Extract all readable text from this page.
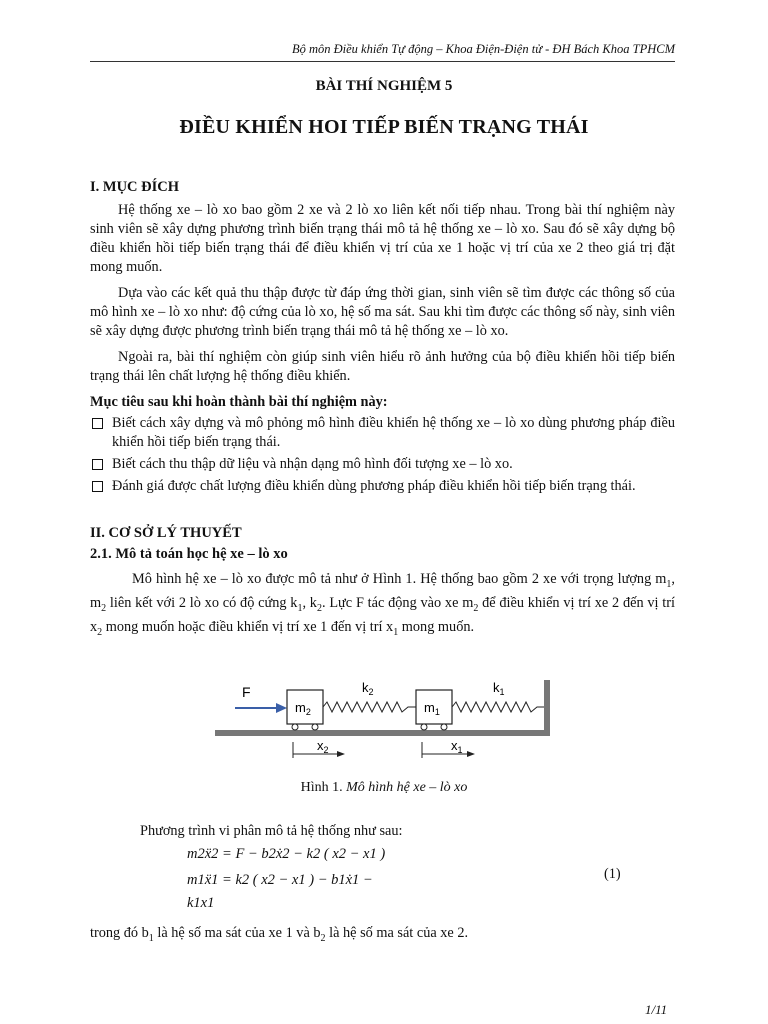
Bộ môn Điều khiển Tự động – Khoa Điện-Điện tử - ĐH Bách Khoa TPHCM
BÀI THÍ NGHIỆM 5
ĐIỀU KHIỂN HOI TIẾP BIẾN TRẠNG THÁI
I. MỤC ĐÍCH

Hệ thống xe – lò xo bao gồm 2 xe và 2 lò xo liên kết nối tiếp nhau. Trong bài thí nghiệm này sinh viên sẽ xây dựng phương trình biến trạng thái mô tả hệ thống xe – lò xo. Sau đó sẽ xây dựng bộ điều khiển hồi tiếp biến trạng thái để điều khiển vị trí của xe 1 hoặc vị trí của xe 2 theo giá trị đặt mong muốn.

Dựa vào các kết quả thu thập được từ đáp ứng thời gian, sinh viên sẽ tìm được các thông số của mô hình xe – lò xo như: độ cứng của lò xo, hệ số ma sát. Sau khi tìm được các thông số này, sinh viên sẽ xây dựng được phương trình biến trạng thái mô tả hệ thống xe – lò xo.

Ngoài ra, bài thí nghiệm còn giúp sinh viên hiểu rõ ảnh hưởng của bộ điều khiển hồi tiếp biến trạng thái lên chất lượng hệ thống điều khiển.

Mục tiêu sau khi hoàn thành bài thí nghiệm này:
Biết cách xây dựng và mô phỏng mô hình điều khiển hệ thống xe – lò xo dùng phương pháp điều khiển hồi tiếp biến trạng thái.
Biết cách thu thập dữ liệu và nhận dạng mô hình đối tượng xe – lò xo.
Đánh giá được chất lượng điều khiển dùng phương pháp điều khiển hồi tiếp biến trạng thái.
II. CƠ SỞ LÝ THUYẾT
2.1. Mô tả toán học hệ xe – lò xo

Mô hình hệ xe – lò xo được mô tả như ở Hình 1. Hệ thống bao gồm 2 xe với trọng lượng $m_1$, $m_2$ liên kết với 2 lò xo có độ cứng $k_1$, $k_2$. Lực F tác động vào xe $m_2$ để điều khiển vị trí xe 2 đến vị trí $x_2$ mong muốn hoặc điều khiển vị trí xe 1 đến vị trí $x_1$ mong muốn.

F
$m_2$
$k_2$
$m_1$
$k_1$
$x_2$	$x_1$
Hình 1. Mô hình hệ xe – lò xo
Phương trình vi phân mô tả hệ thống như sau:
m2ẍ2 = F − b2ẋ2 − k2 ( x2 − x1 )
m1ẍ1 = k2 ( x2 − x1 ) − b1ẋ1 −
k1x1
(1)
trong đó $b_1$ là hệ số ma sát của xe 1 và $b_2$ là hệ số ma sát của xe 2.
1/11
